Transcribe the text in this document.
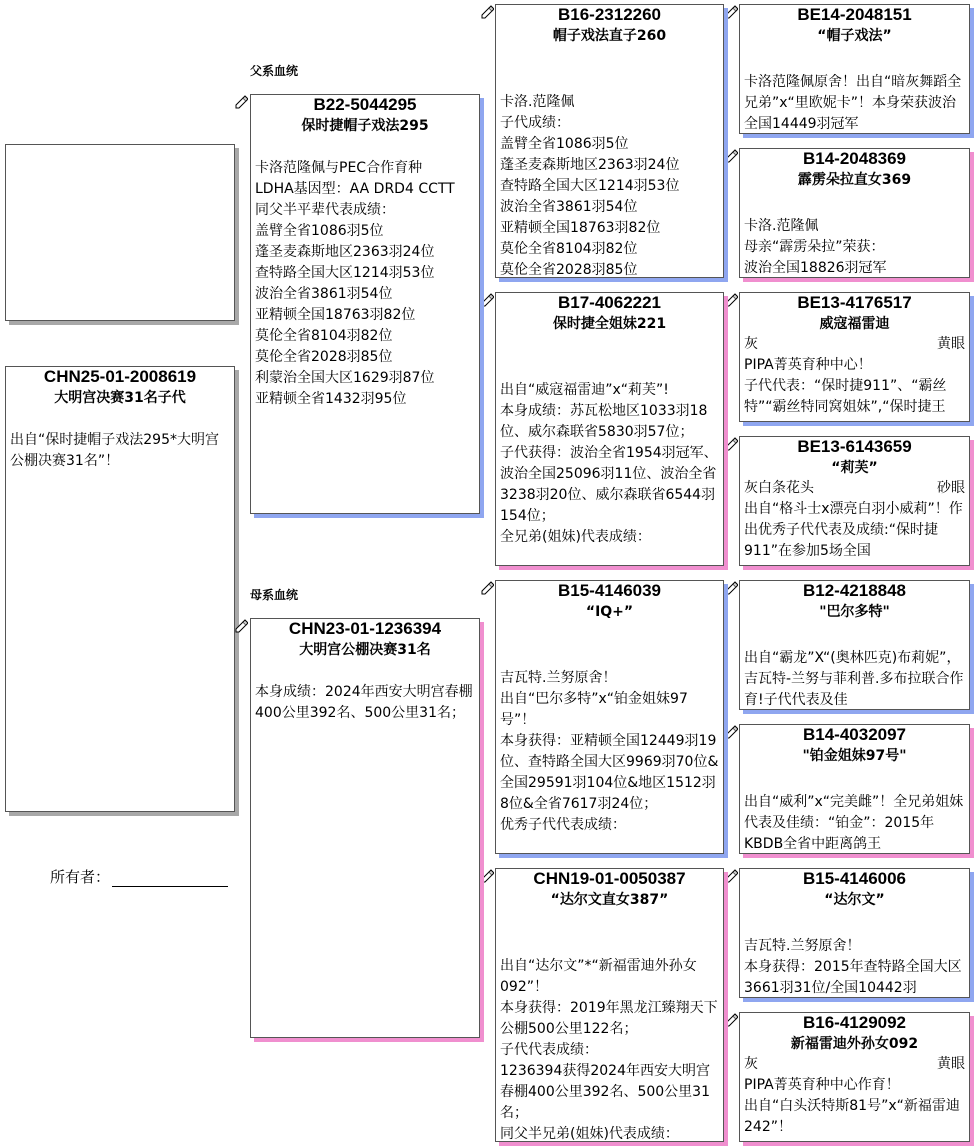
CHN25-01-2008619
大明宫决赛31名子代
出自“保时捷帽子戏法295*大明宫公棚决赛31名”！
所有者：
父系血统
母系血统
B22-5044295
保时捷帽子戏法295
卡洛范隆佩与PEC合作育种
LDHA基因型：AA DRD4 CCTT
同父半平辈代表成绩：
盖臂全省1086羽5位
蓬圣麦森斯地区2363羽24位
查特路全国大区1214羽53位
波治全省3861羽54位
亚精顿全国18763羽82位
莫伦全省8104羽82位
莫伦全省2028羽85位
利蒙治全国大区1629羽87位
亚精顿全省1432羽95位
CHN23-01-1236394
大明宫公棚决赛31名
本身成绩：2024年西安大明宫春棚400公里392名、500公里31名；
B16-2312260
帽子戏法直子260
卡洛.范隆佩
子代成绩：
盖臂全省1086羽5位
蓬圣麦森斯地区2363羽24位
查特路全国大区1214羽53位
波治全省3861羽54位
亚精顿全国18763羽82位
莫伦全省8104羽82位
莫伦全省2028羽85位
B17-4062221
保时捷全姐妹221
出自“威寇福雷迪”x“莉芙”!
本身成绩：苏瓦松地区1033羽18位、威尔森联省5830羽57位；
子代获得：波治全省1954羽冠军、波治全国25096羽11位、波治全省3238羽20位、威尔森联省6544羽154位；
全兄弟(姐妹)代表成绩：
B15-4146039
“IQ+”
吉瓦特.兰努原舍！
出自“巴尔多特”x“铂金姐妹97号”！
本身获得：亚精顿全国12449羽19位、查特路全国大区9969羽70位&全国29591羽104位&地区1512羽8位&全省7617羽24位；
优秀子代代表成绩：
CHN19-01-0050387
“达尔文直女387”
出自“达尔文”*“新福雷迪外孙女092”！
本身获得：2019年黑龙江臻翔天下公棚500公里122名；
子代代表成绩：
1236394获得2024年西安大明宫春棚400公里392名、500公里31名；
同父半兄弟(姐妹)代表成绩：
BE14-2048151
“帽子戏法”
卡洛范隆佩原舍！出自“暗灰舞蹈全兄弟”x“里欧妮卡”！本身荣获波治全国14449羽冠军
B14-2048369
霹雳朵拉直女369
卡洛.范隆佩
母亲“霹雳朵拉”荣获：
波治全国18826羽冠军
BE13-4176517
威寇福雷迪
灰	黄眼
PIPA菁英育种中心！
子代代表：“保时捷911”、“霸丝特”“霸丝特同窝姐妹”,“保时捷王
BE13-6143659
“莉芙”
灰白条花头	砂眼
出自“格斗士x漂亮白羽小威莉”！作出优秀子代代表及成绩:“保时捷911”在参加5场全国
B12-4218848
"巴尔多特"
出自“霸龙”X“(奥林匹克)布莉妮”，吉瓦特-兰努与菲利普.多布拉联合作育!子代代表及佳
B14-4032097
"铂金姐妹97号"
出自“威利”x“完美雌”！全兄弟姐妹代表及佳绩：“铂金”：2015年KBDB全省中距离鸽王
B15-4146006
“达尔文”
吉瓦特.兰努原舍！
本身获得：2015年查特路全国大区3661羽31位/全国10442羽
B16-4129092
新福雷迪外孙女092
灰	黄眼
PIPA菁英育种中心作育！
出自“白头沃特斯81号”x“新福雷迪242”！
